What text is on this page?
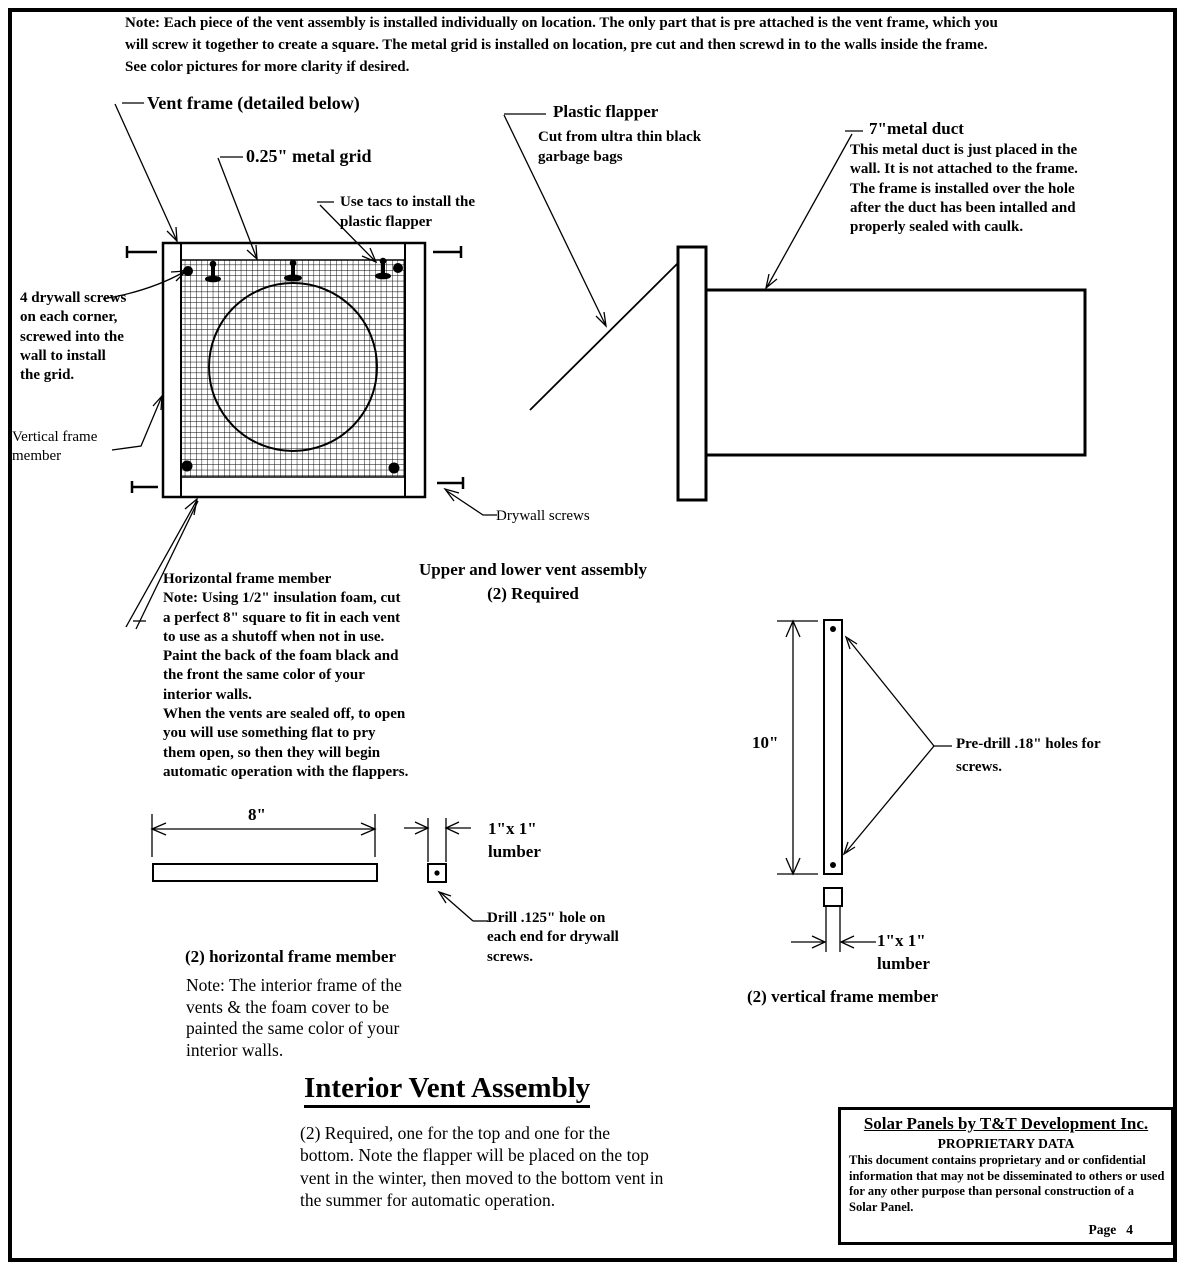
Note: Each piece of the vent assembly is installed individually on location. The only part that is pre attached is the vent frame, which you will screw it together to create a square. The metal grid is installed on location, pre cut and then screwd in to the walls inside the frame. See color pictures for more clarity if desired.
Vent frame (detailed below)
0.25" metal grid
Use tacs to install the plastic flapper
Plastic flapper
Cut from ultra thin black garbage bags
7"metal duct
This metal duct is just placed in the wall. It is not attached to the frame. The frame is installed over the hole after the duct has been intalled and properly sealed with caulk.
4 drywall screws on each corner, screwed into the wall to install the grid.
Vertical frame member
Drywall screws
Upper and lower vent assembly
(2) Required
Horizontal frame member
Note: Using 1/2" insulation foam, cut a perfect 8" square to fit in each vent to use as a shutoff when not in use. Paint the back of the foam black and the front the same color of your interior walls.
When the vents are sealed off, to open you will use something flat to pry them open, so then they will begin automatic operation with the flappers.
8"
1"x 1" lumber
Drill .125" hole on each end for drywall screws.
(2) horizontal frame member
Note: The interior frame of the vents & the foam cover to be painted the same color of your interior walls.
10"	Pre-drill .18" holes for screws.
1"x 1" lumber
(2) vertical frame member
Interior Vent Assembly
(2) Required, one for the top and one for the bottom. Note the flapper will be placed on the top vent in the winter, then moved to the bottom vent in the summer for automatic operation.
Solar Panels by T&T Development Inc.
PROPRIETARY DATA
This document contains proprietary and or confidential information that may not be disseminated to others or used for any other purpose than personal construction of a Solar Panel.
Page 4
